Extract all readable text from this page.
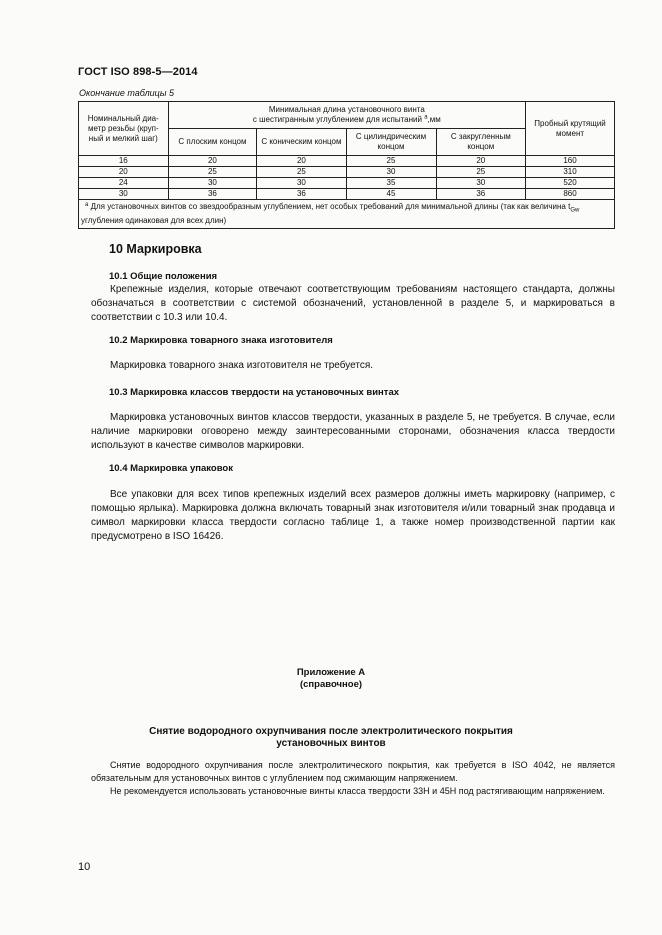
ГОСТ ISO 898-5—2014
Окончание таблицы 5
Номинальный диа-метр резьбы (круп-ный и мелкий шаг)	Минимальная длина установочного винта
с шестигранным углублением для испытаний $^а$,мм				Пробный крутящий момент
	С плоским концом	С коническим концом	С цилиндрическим концом	С закругленным концом	
16	20	20	25	20	160
20	25	25	30	25	310
24	30	30	35	30	520
30	36	36	45	36	860
$^а$ Для установочных винтов со звездообразным углублением, нет особых требований для минимальной длины (так как величина $t_{Gw}$ углубления одинаковая для всех длин)					
10 Маркировка
10.1 Общие положения

Крепежные изделия, которые отвечают соответствующим требованиям настоящего стандарта, должны обозначаться в соответствии с системой обозначений, установленной в разделе 5, и маркироваться в соответствии с 10.3 или 10.4.

10.2 Маркировка товарного знака изготовителя

Маркировка товарного знака изготовителя не требуется.

10.3 Маркировка классов твердости на установочных винтах

Маркировка установочных винтов классов твердости, указанных в разделе 5, не требуется. В случае, если наличие маркировки оговорено между заинтересованными сторонами, обозначения класса твердости используют в качестве символов маркировки.

10.4 Маркировка упаковок

Все упаковки для всех типов крепежных изделий всех размеров должны иметь маркировку (например, с помощью ярлыка). Маркировка должна включать товарный знак изготовителя и/или товарный знак продавца и символ маркировки класса твердости согласно таблице 1, а также номер производственной партии как предусмотрено в ISO 16426.

Приложение А
(справочное)
Снятие водородного охрупчивания после электролитического покрытия
установочных винтов

Снятие водородного охрупчивания после электролитического покрытия, как требуется в ISO 4042, не является обязательным для установочных винтов с углублением под сжимающим напряжением.

Не рекомендуется использовать установочные винты класса твердости 33H и 45H под растягивающим напряжением.

10
